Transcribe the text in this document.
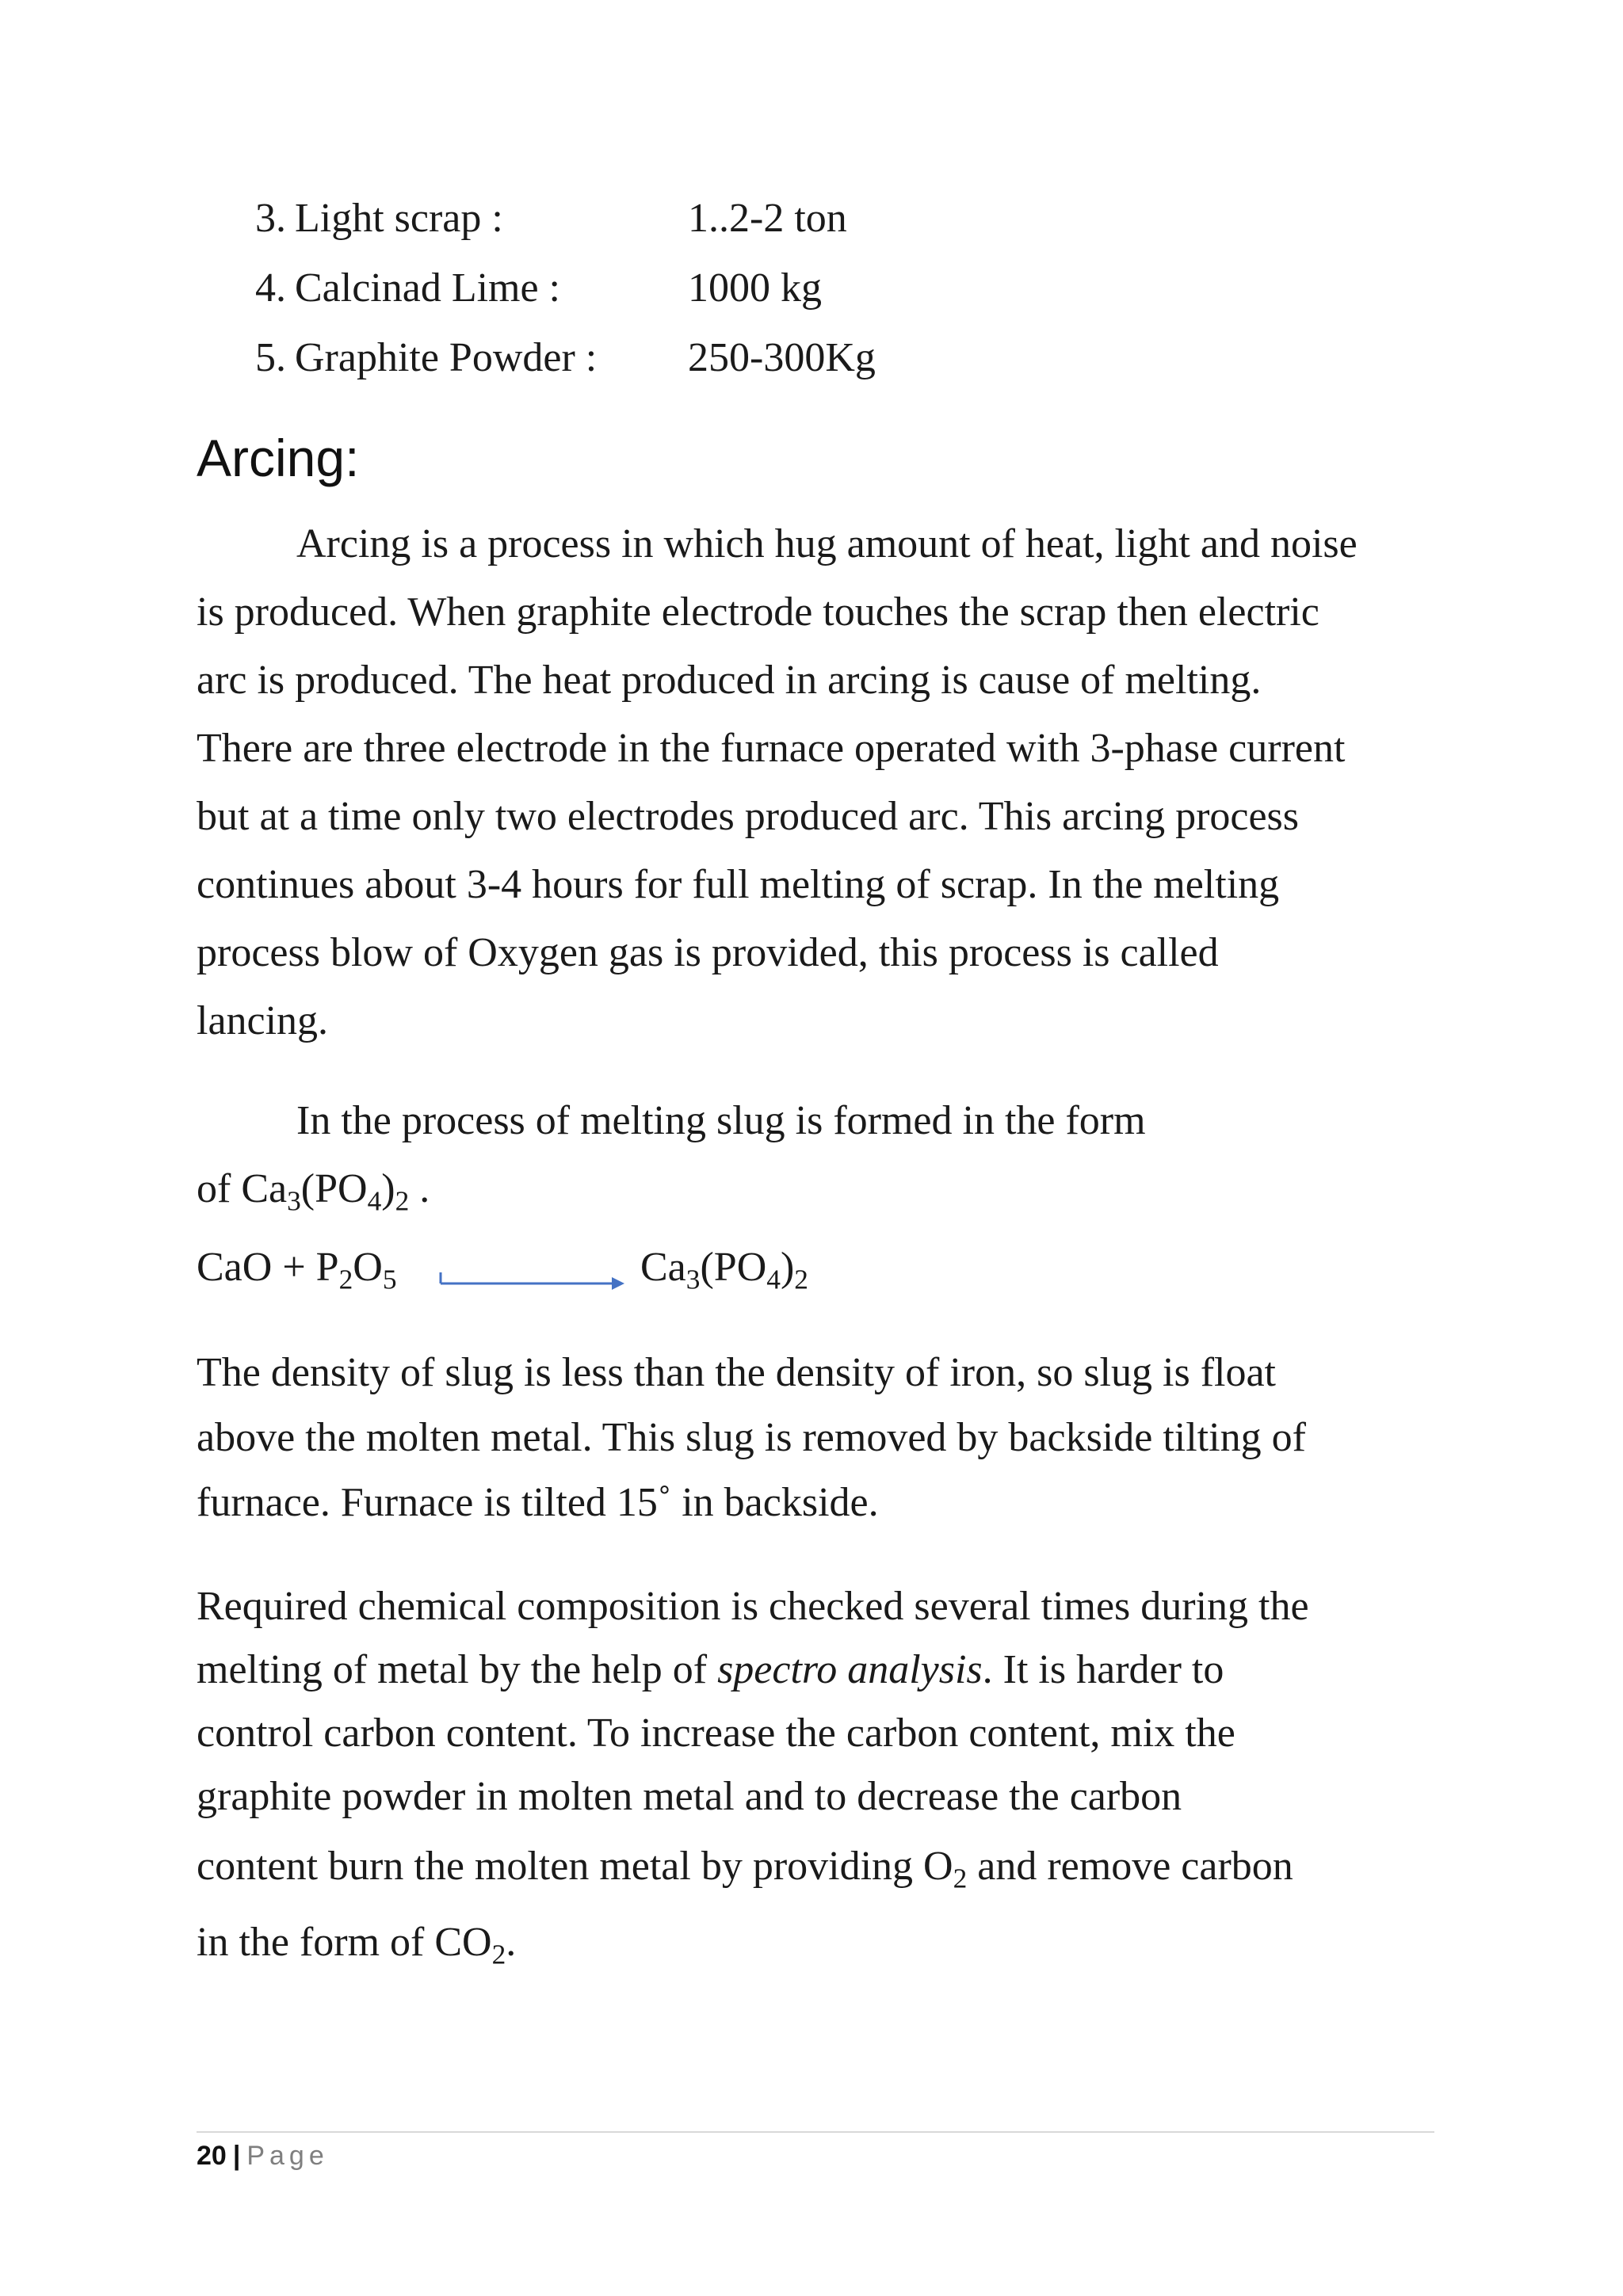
3. Light scrap :	1..2-2 ton
4. Calcinad Lime :	1000 kg
5. Graphite Powder : 250-300Kg
Arcing:

Arcing is a process in which hug amount of heat, light and noise
is produced. When graphite electrode touches the scrap then electric
arc is produced. The heat produced in arcing is cause of melting.
There are three electrode in the furnace operated with 3-phase current
but at a time only two electrodes produced arc. This arcing process
continues about 3-4 hours for full melting of scrap. In the melting
process blow of Oxygen gas is provided, this process is called
lancing.

In the process of melting slug is formed in the form
of $Ca_3(PO_4)_2$ .

CaO + $P_2O_5$	$Ca_3(PO_4)_2$

The density of slug is less than the density of iron, so slug is float
above the molten metal. This slug is removed by backside tilting of
furnace. Furnace is tilted 15˚ in backside.

Required chemical composition is checked several times during the
melting of metal by the help of spectro analysis. It is harder to
control carbon content. To increase the carbon content, mix the
graphite powder in molten metal and to decrease the carbon
content burn the molten metal by providing $O_2$ and remove carbon
in the form of $CO_2$.

20 | Page
